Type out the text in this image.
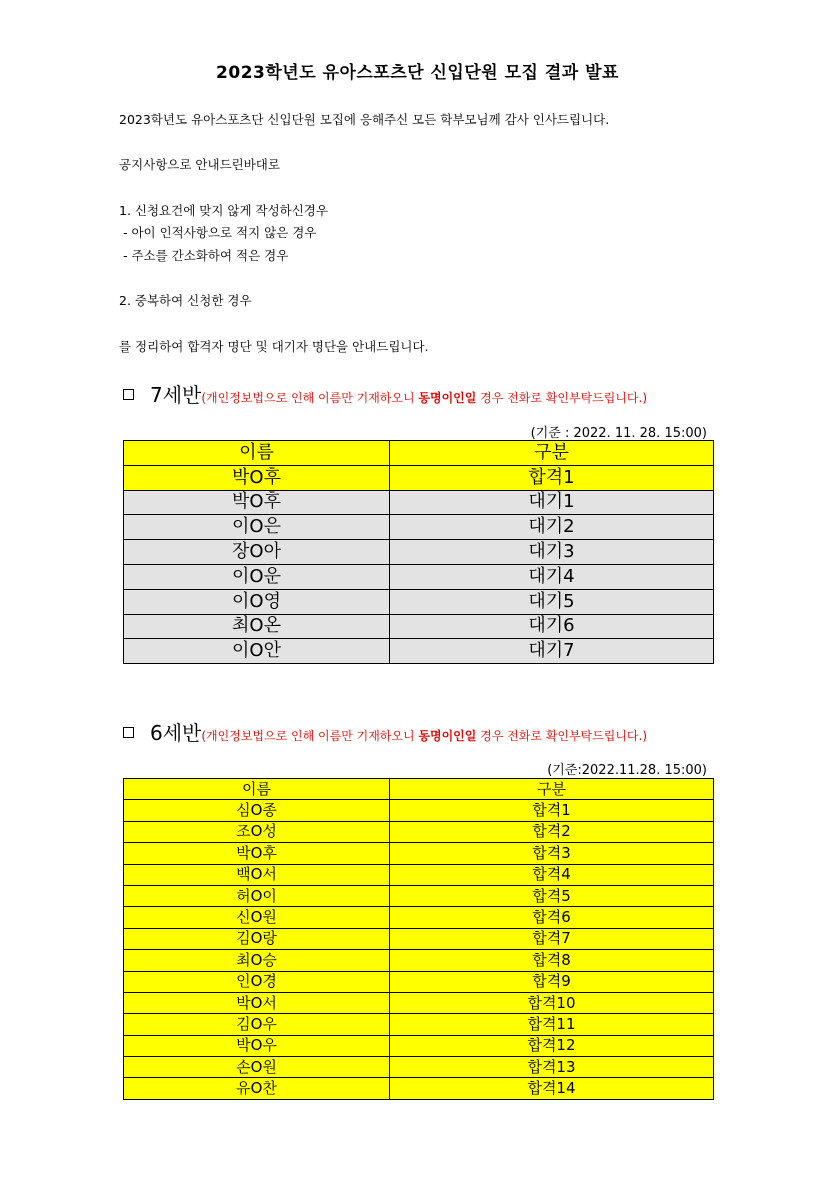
2023학년도 유아스포츠단 신입단원 모집 결과 발표
2023학년도 유아스포츠단 신입단원 모집에 응해주신 모든 학부모님께 감사 인사드립니다.
공지사항으로 안내드린바대로
1. 신청요건에 맞지 않게 작성하신경우
- 아이 인적사항으로 적지 않은 경우
- 주소를 간소화하여 적은 경우
2. 중복하여 신청한 경우
를 정리하여 합격자 명단 및 대기자 명단을 안내드립니다.
7세반(개인정보법으로 인해 이름만 기재하오니 동명이인일 경우 전화로 확인부탁드립니다.)
(기준 : 2022. 11. 28. 15:00)
이름	구분
박O후	합격1
박O후	대기1
이O은	대기2
장O아	대기3
이O운	대기4
이O영	대기5
최O온	대기6
이O안	대기7
6세반(개인정보법으로 인해 이름만 기재하오니 동명이인일 경우 전화로 확인부탁드립니다.)
(기준:2022.11.28. 15:00)
이름	구분
심O종	합격1
조O성	합격2
박O후	합격3
백O서	합격4
허O이	합격5
신O원	합격6
김O랑	합격7
최O승	합격8
인O경	합격9
박O서	합격10
김O우	합격11
박O우	합격12
손O원	합격13
유O찬	합격14
